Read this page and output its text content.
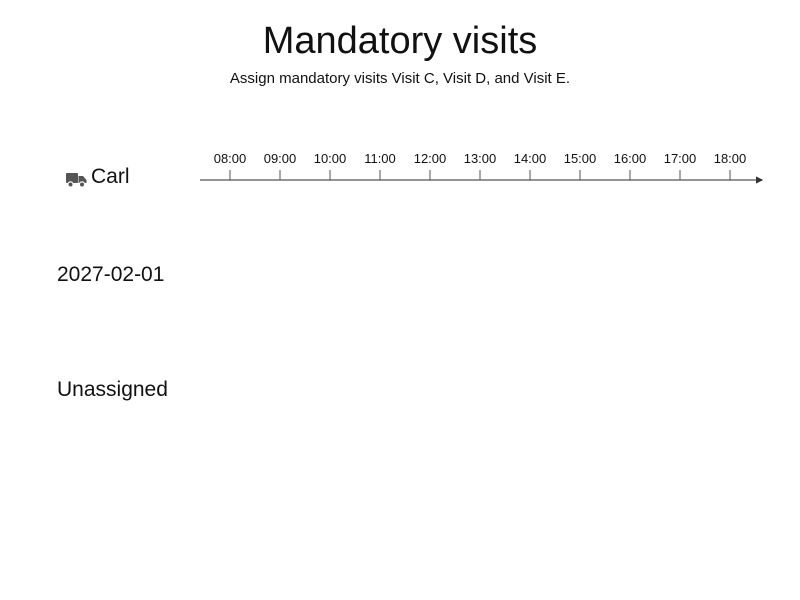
Mandatory visits
Assign mandatory visits Visit C, Visit D, and Visit E.
Carl
08:00 09:00 10:00 11:00 12:00 13:00 14:00 15:00 16:00 17:00 18:00
2027-02-01
Unassigned
